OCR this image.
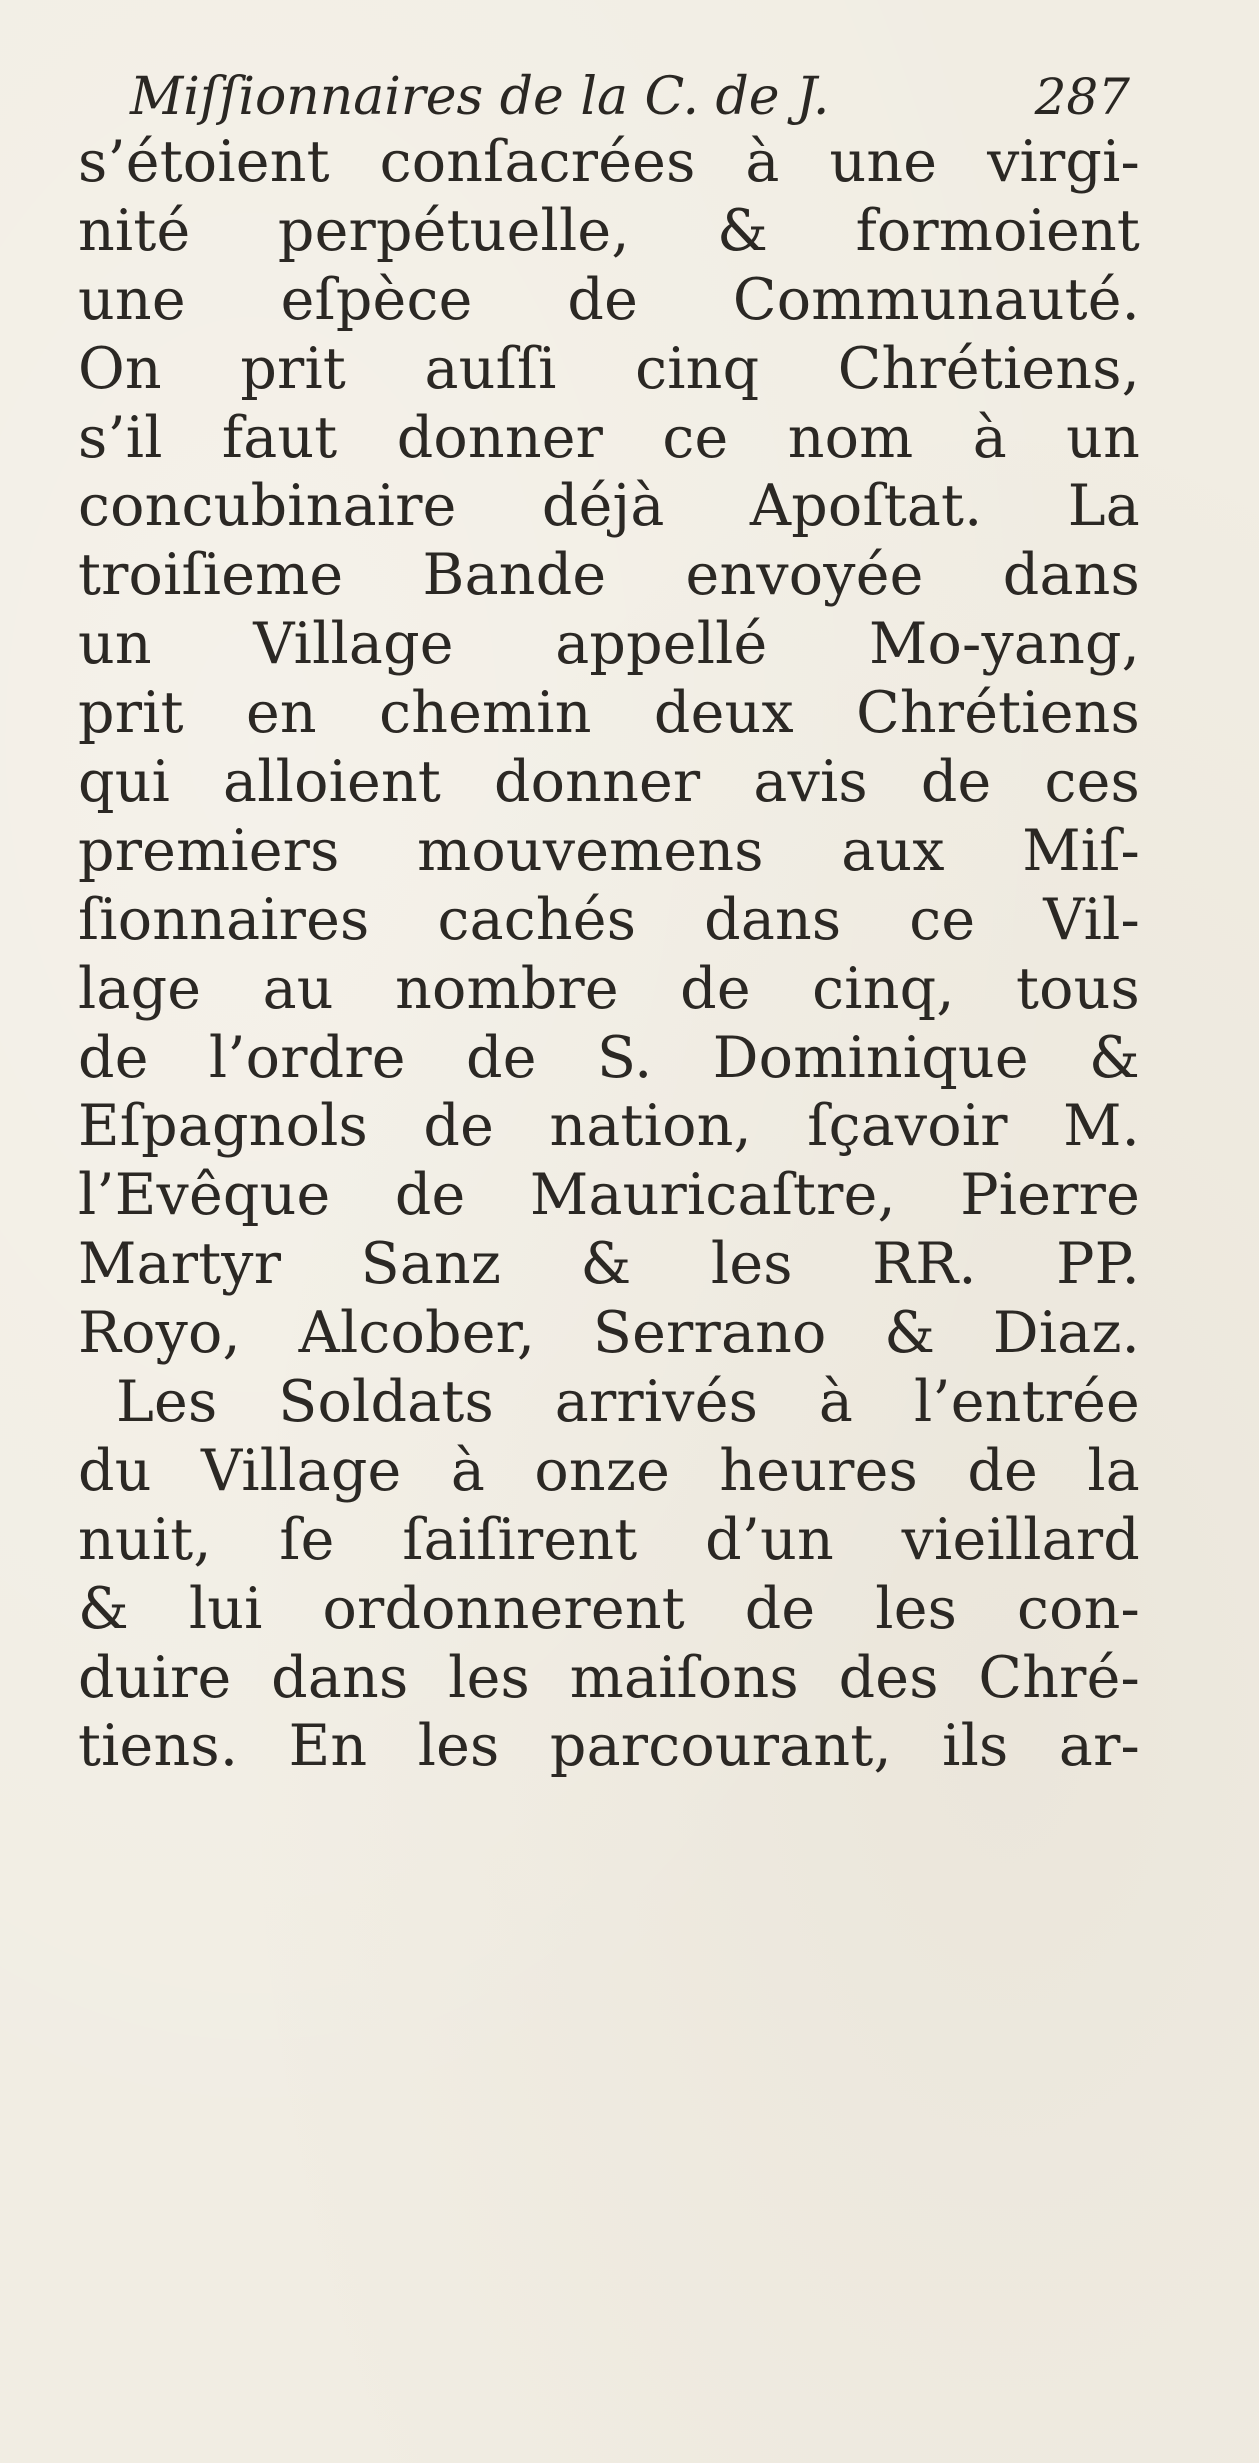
Miſſionnaires de la C. de J.	287
s’étoient conſacrées à une virgi-
nité perpétuelle, & formoient
une eſpèce de Communauté.
On prit auſſi cinq Chrétiens,
s’il faut donner ce nom à un
concubinaire déjà Apoſtat. La
troiſieme Bande envoyée dans
un Village appellé Mo-yang,
prit en chemin deux Chrétiens
qui alloient donner avis de ces
premiers mouvemens aux Miſ-
ſionnaires cachés dans ce Vil-
lage au nombre de cinq, tous
de l’ordre de S. Dominique &
Eſpagnols de nation, ſçavoir M.
l’Evêque de Mauricaſtre, Pierre
Martyr Sanz & les RR. PP.
Royo, Alcober, Serrano & Diaz.
Les Soldats arrivés à l’entrée
du Village à onze heures de la
nuit, ſe ſaiſirent d’un vieillard
& lui ordonnerent de les con-
duire dans les maiſons des Chré-
tiens. En les parcourant, ils ar-
